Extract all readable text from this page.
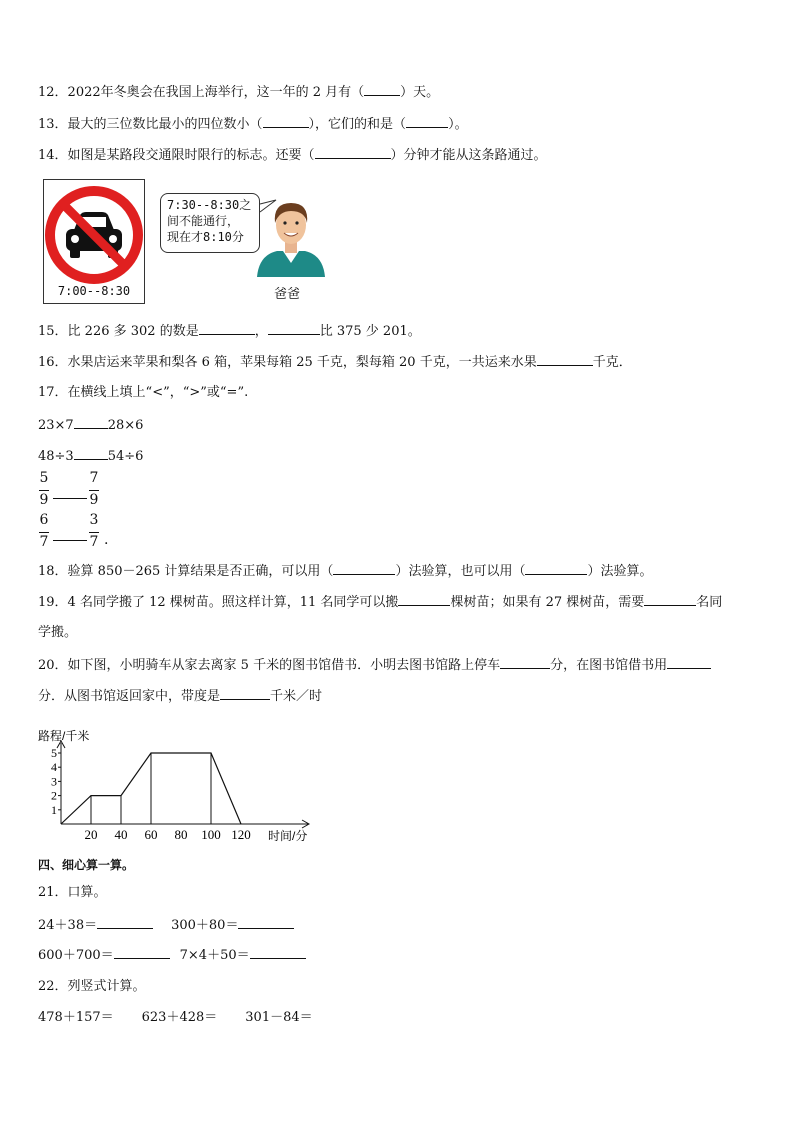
12．2022年冬奥会在我国上海举行，这一年的 2 月有（	）天。
13．最大的三位数比最小的四位数小（	），它们的和是（	）。
14．如图是某路段交通限时限行的标志。还要（	）分钟才能从这条路通过。
7:00--8:30
7:30--8:30之
间不能通行，
现在才8:10分
爸爸
15．比 226 多 302 的数是	，	比 375 少 201。
16．水果店运来苹果和梨各 6 箱，苹果每箱 25 千克，梨每箱 20 千克，一共运来水果	千克．
17．在横线上填上“<”，“>”或“=”.
23×7	28×6
48÷3	54÷6
5
9
7
9
6
7
3
7 .
18．验算 850－265 计算结果是否正确，可以用（	）法验算，也可以用（	）法验算。
19．4 名同学搬了 12 棵树苗。照这样计算，11 名同学可以搬	棵树苗；如果有 27 棵树苗，需要	名同
学搬。
20．如下图，小明骑车从家去离家 5 千米的图书馆借书．小明去图书馆路上停车	分，在图书馆借书用
分．从图书馆返回家中，带度是	千米／时
路程/千米
时间/分
1
2
3
4
5
20 40 60 80 100 120
四、细心算一算。
21．口算。
24＋38＝	300＋80＝
600＋700＝	7×4＋50＝
22．列竖式计算。
478＋157＝ 623＋428＝ 301－84＝
